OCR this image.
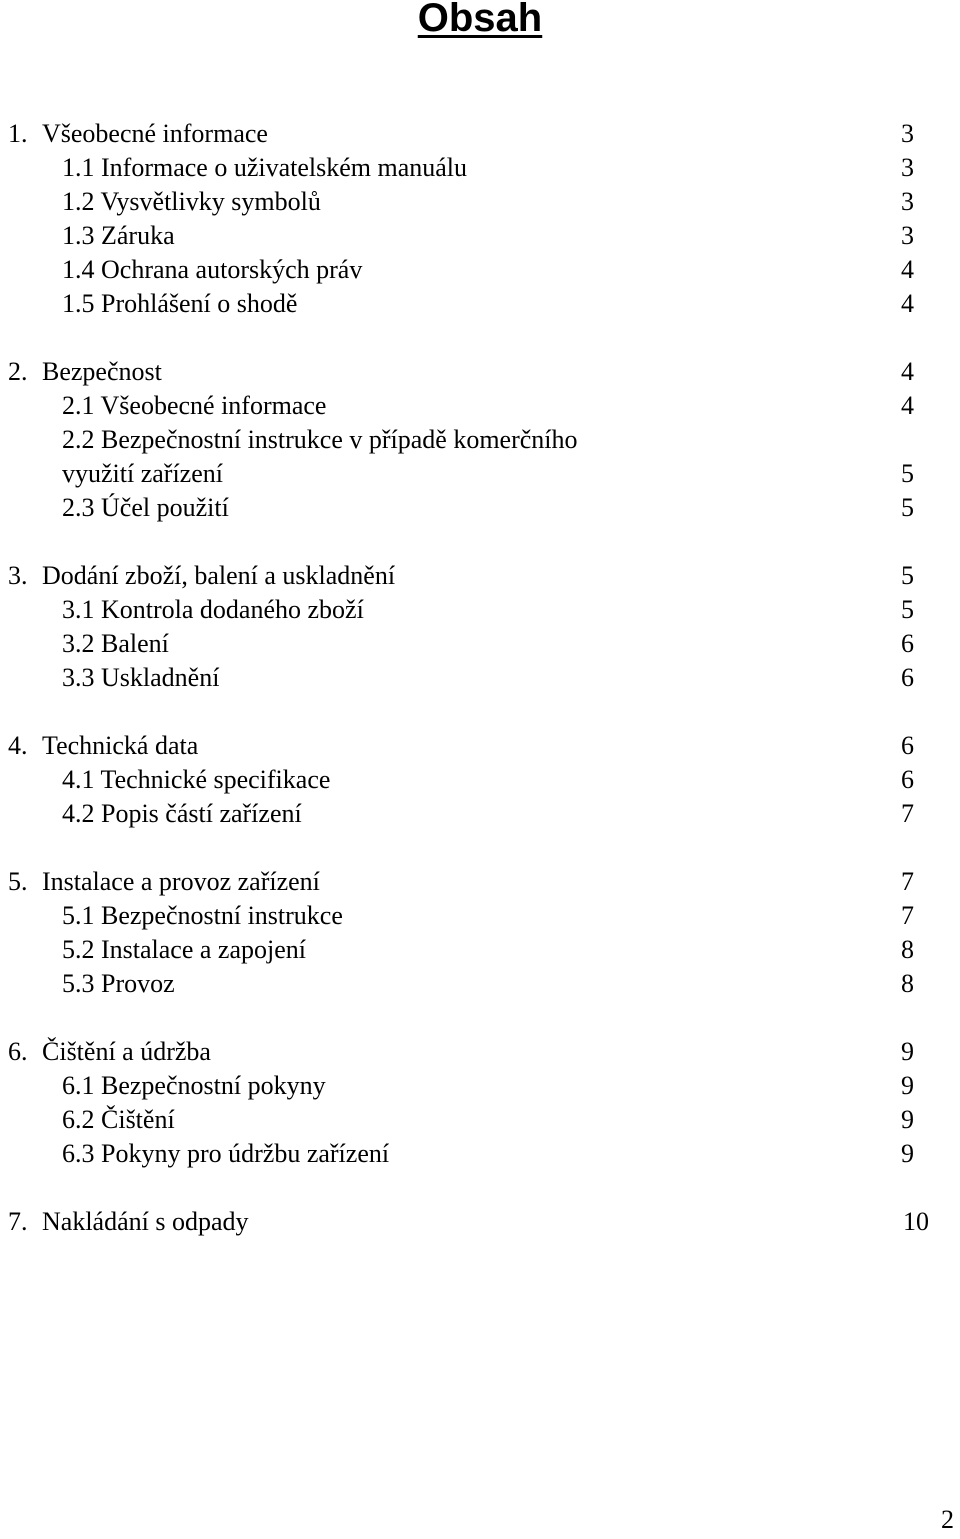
Obsah
1. Všeobecné informace	3
1.1 Informace o uživatelském manuálu	3
1.2 Vysvětlivky symbolů	3
1.3 Záruka	3
1.4 Ochrana autorských práv	4
1.5 Prohlášení o shodě	4
2. Bezpečnost	4
2.1 Všeobecné informace	4
2.2 Bezpečnostní instrukce v případě komerčního
využití zařízení	5
2.3 Účel použití	5
3. Dodání zboží, balení a uskladnění	5
3.1 Kontrola dodaného zboží	5
3.2 Balení	6
3.3 Uskladnění	6
4. Technická data	6
4.1 Technické specifikace	6
4.2 Popis částí zařízení	7
5. Instalace a provoz zařízení	7
5.1 Bezpečnostní instrukce	7
5.2 Instalace a zapojení	8
5.3 Provoz	8
6. Čištění a údržba	9
6.1 Bezpečnostní pokyny	9
6.2 Čištění	9
6.3 Pokyny pro údržbu zařízení	9
7. Nakládání s odpady	10
2
